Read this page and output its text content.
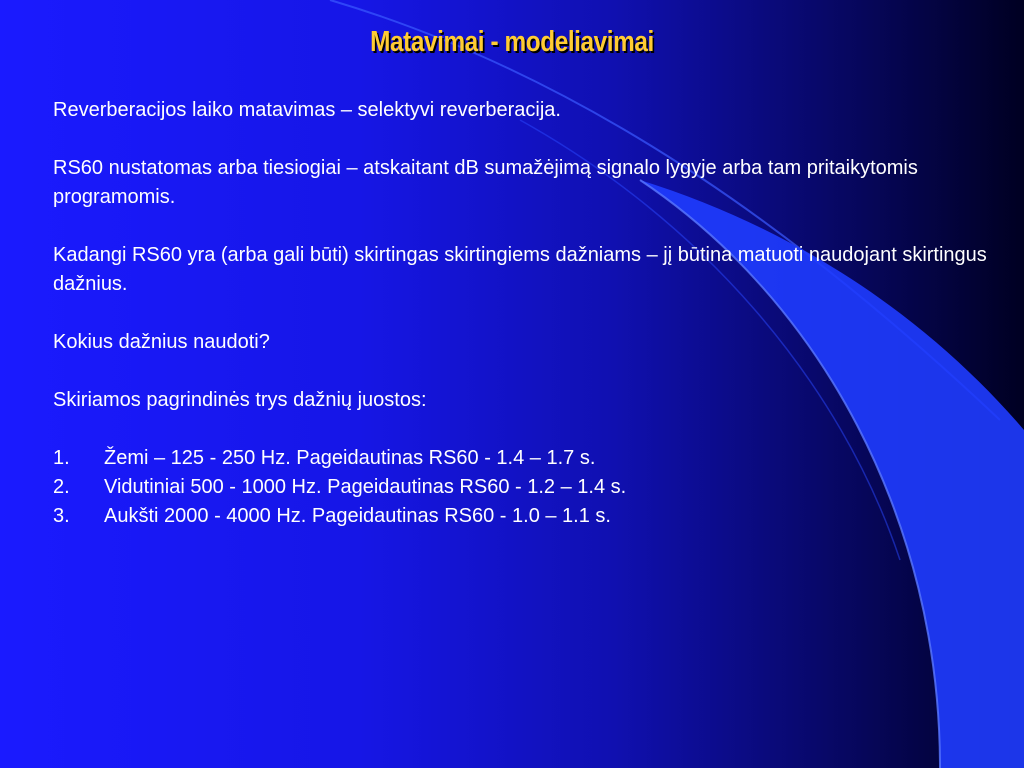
Matavimai - modeliavimai

Reverberacijos laiko matavimas – selektyvi reverberacija.

RS60 nustatomas arba tiesiogiai – atskaitant dB sumažėjimą signalo lygyje arba tam pritaikytomis programomis.

Kadangi RS60 yra (arba gali būti) skirtingas skirtingiems dažniams – jį būtina matuoti naudojant skirtingus dažnius.

Kokius dažnius naudoti?

Skiriamos pagrindinės trys dažnių juostos:

1. Žemi – 125 - 250 Hz. Pageidautinas RS60 - 1.4 – 1.7 s.
2. Vidutiniai 500 - 1000 Hz. Pageidautinas RS60 - 1.2 – 1.4 s.
3. Aukšti 2000 - 4000 Hz. Pageidautinas RS60 - 1.0 – 1.1 s.
